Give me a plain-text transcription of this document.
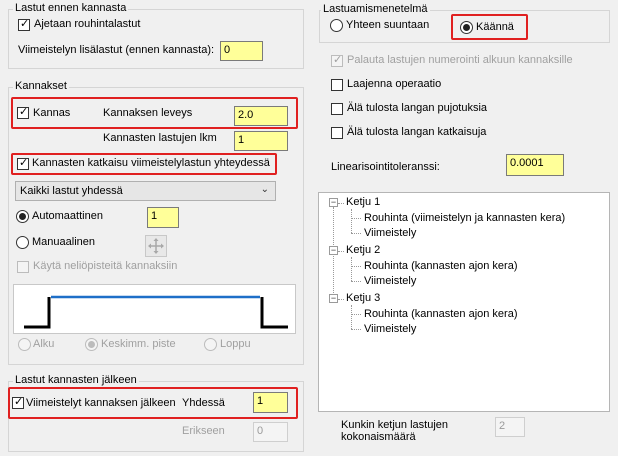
Lastut ennen kannasta
✓ Ajetaan rouhintalastut
Viimeistelyn lisälastut (ennen kannasta): 0
Kannakset
✓ Kannas	Kannaksen leveys	2.0
Kannasten lastujen lkm	1
✓ Kannasten katkaisu viimeistelylastun yhteydessä
Kaikki lastut yhdessä	⌄
Automaattinen	1
Manuaalinen
Käytä neliöpisteitä kannaksiin
Alku	Keskimm. piste	Loppu
Lastut kannasten jälkeen
✓ Viimeistelyt kannaksen jälkeen Yhdessä	1
Erikseen	0
Lastuamismenetelmä
Yhteen suuntaan	Käännä
✓ Palauta lastujen numerointi alkuun kannaksille
Laajenna operaatio
Älä tulosta langan pujotuksia
Älä tulosta langan katkaisuja
Linearisointitoleranssi:	0.0001
− Ketju 1
Rouhinta (viimeistelyn ja kannasten kera)
Viimeistely
− Ketju 2
Rouhinta (kannasten ajon kera)
Viimeistely
− Ketju 3
Rouhinta (kannasten ajon kera)
Viimeistely
Kunkin ketjun lastujen
kokonaismäärä
2
